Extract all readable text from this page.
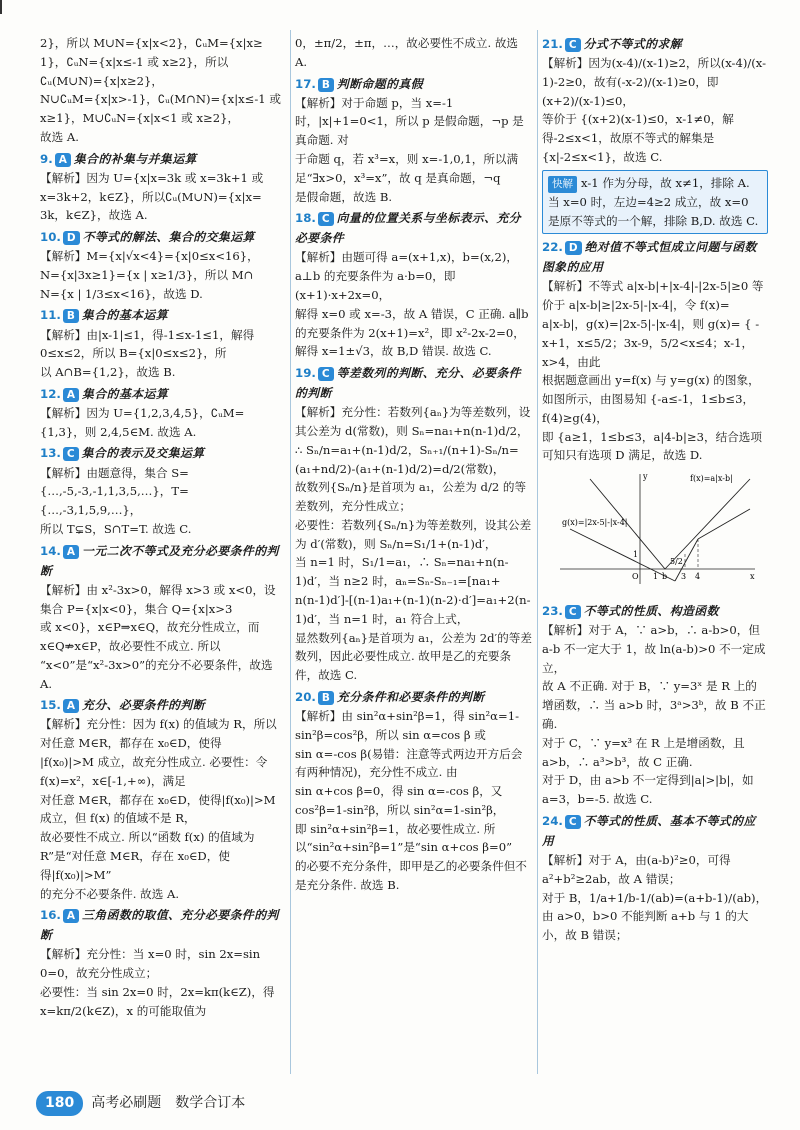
2}，所以 M∪N={x|x<2}，∁ᵤM={x|x≥

1}，∁ᵤN={x|x≤-1 或 x≥2}，所以∁ᵤ(M∪N)={x|x≥2}，

N∪∁ᵤM={x|x>-1}，∁ᵤ(M∩N)={x|x≤-1 或 x≥1}，M∪∁ᵤN={x|x<1 或 x≥2}，

故选 A.

9. A 集合的补集与并集运算

【解析】因为 U={x|x=3k 或 x=3k+1 或 x=3k+2，k∈Z}，所以∁ᵤ(M∪N)={x|x=

3k，k∈Z}，故选 A.

10. D 不等式的解法、集合的交集运算

【解析】M={x|√x<4}={x|0≤x<16}，

N={x|3x≥1}={x | x≥1/3}，所以 M∩

N={x | 1/3≤x<16}，故选 D.

11. B 集合的基本运算

【解析】由|x-1|≤1，得-1≤x-1≤1，解得 0≤x≤2，所以 B={x|0≤x≤2}，所

以 A∩B={1,2}，故选 B.

12. A 集合的基本运算

【解析】因为 U={1,2,3,4,5}，∁ᵤM={1,3}，则 2,4,5∈M. 故选 A.

13. C 集合的表示及交集运算

【解析】由题意得，集合 S={…,-5,-3,-1,1,3,5,…}，T={…,-3,1,5,9,…}，

所以 T⊊S，S∩T=T. 故选 C.

14. A 一元二次不等式及充分必要条件的判断

【解析】由 x²-3x>0，解得 x>3 或 x<0，设集合 P={x|x<0}，集合 Q={x|x>3

或 x<0}，x∈P⇒x∈Q，故充分性成立，而 x∈Q⇏x∈P，故必要性不成立. 所以

“x<0”是“x²-3x>0”的充分不必要条件，故选 A.

15. A 充分、必要条件的判断

【解析】充分性：因为 f(x) 的值域为 R，所以对任意 M∈R，都存在 x₀∈D，使得

|f(x₀)|>M 成立，故充分性成立. 必要性：令 f(x)=x²，x∈[-1,+∞)，满足

对任意 M∈R，都存在 x₀∈D，使得|f(x₀)|>M 成立，但 f(x) 的值域不是 R，

故必要性不成立. 所以“函数 f(x) 的值域为 R”是“对任意 M∈R，存在 x₀∈D，使得|f(x₀)|>M”

的充分不必要条件. 故选 A.

16. A 三角函数的取值、充分必要条件的判断

【解析】充分性：当 x=0 时，sin 2x=sin 0=0，故充分性成立；

必要性：当 sin 2x=0 时，2x=kπ(k∈Z)，得 x=kπ/2(k∈Z)，x 的可能取值为

0，±π/2，±π，…，故必要性不成立. 故选 A.

17. B 判断命题的真假

【解析】对于命题 p，当 x=-1 时，|x|+1=0<1，所以 p 是假命题，¬p 是真命题. 对

于命题 q，若 x³=x，则 x=-1,0,1，所以满足“∃x>0，x³=x”，故 q 是真命题，¬q

是假命题，故选 B.

18. C 向量的位置关系与坐标表示、充分必要条件

【解析】由题可得 a=(x+1,x)，b=(x,2)，a⊥b 的充要条件为 a·b=0，即(x+1)·x+2x=0，

解得 x=0 或 x=-3，故 A 错误，C 正确. a∥b 的充要条件为 2(x+1)=x²，即 x²-2x-2=0，

解得 x=1±√3，故 B,D 错误. 故选 C.

19. C 等差数列的判断、充分、必要条件的判断

【解析】充分性：若数列{aₙ}为等差数列，设其公差为 d(常数)，则 Sₙ=na₁+n(n-1)d/2，

∴ Sₙ/n=a₁+(n-1)d/2，Sₙ₊₁/(n+1)-Sₙ/n=(a₁+nd/2)-(a₁+(n-1)d/2)=d/2(常数)，

故数列{Sₙ/n}是首项为 a₁，公差为 d/2 的等差数列，充分性成立；

必要性：若数列{Sₙ/n}为等差数列，设其公差为 d′(常数)，则 Sₙ/n=S₁/1+(n-1)d′，

当 n=1 时，S₁/1=a₁，∴ Sₙ=na₁+n(n-1)d′，当 n≥2 时，aₙ=Sₙ-Sₙ₋₁=[na₁+

n(n-1)d′]-[(n-1)a₁+(n-1)(n-2)·d′]=a₁+2(n-1)d′，当 n=1 时，a₁ 符合上式，

显然数列{aₙ}是首项为 a₁，公差为 2d′的等差数列，因此必要性成立. 故甲是乙的充要条件，故选 C.

20. B 充分条件和必要条件的判断

【解析】由 sin²α+sin²β=1，得 sin²α=1-sin²β=cos²β，所以 sin α=cos β 或

sin α=-cos β(易错：注意等式两边开方后会有两种情况)，充分性不成立. 由

sin α+cos β=0，得 sin α=-cos β，又 cos²β=1-sin²β，所以 sin²α=1-sin²β，

即 sin²α+sin²β=1，故必要性成立. 所以“sin²α+sin²β=1”是“sin α+cos β=0”

的必要不充分条件，即甲是乙的必要条件但不是充分条件. 故选 B.

21. C 分式不等式的求解

【解析】因为(x-4)/(x-1)≥2，所以(x-4)/(x-1)-2≥0，故有(-x-2)/(x-1)≥0，即(x+2)/(x-1)≤0，

等价于 {(x+2)(x-1)≤0，x-1≠0，解得-2≤x<1，故原不等式的解集是{x|-2≤x<1}，故选 C.

快解 x-1 作为分母，故 x≠1，排除 A. 当 x=0 时，左边=4≥2 成立，故 x=0 是原不等式的一个解，排除 B,D. 故选 C.
22. D 绝对值不等式恒成立问题与函数图象的应用

【解析】不等式 a|x-b|+|x-4|-|2x-5|≥0 等价于 a|x-b|≥|2x-5|-|x-4|，令 f(x)=

a|x-b|，g(x)=|2x-5|-|x-4|，则 g(x)= { -x+1，x≤5/2；3x-9，5/2<x≤4；x-1，x>4，由此

根据题意画出 y=f(x) 与 y=g(x) 的图象，如图所示，由图易知 {-a≤-1，1≤b≤3，f(4)≥g(4)，

即 {a≥1，1≤b≤3，a|4-b|≥3，结合选项可知只有选项 D 满足，故选 D.

f(x)=a|x-b|
g(x)=|2x-5|-|x-4|
O 1 b
5/2
3 4
1
x
y
23. C 不等式的性质、构造函数

【解析】对于 A，∵ a>b，∴ a-b>0，但 a-b 不一定大于 1，故 ln(a-b)>0 不一定成立，

故 A 不正确. 对于 B，∵ y=3ˣ 是 R 上的增函数，∴ 当 a>b 时，3ᵃ>3ᵇ，故 B 不正确.

对于 C，∵ y=x³ 在 R 上是增函数，且 a>b，∴ a³>b³，故 C 正确.

对于 D，由 a>b 不一定得到|a|>|b|，如 a=3，b=-5. 故选 C.

24. C 不等式的性质、基本不等式的应用

【解析】对于 A，由(a-b)²≥0，可得 a²+b²≥2ab，故 A 错误；

对于 B，1/a+1/b-1/(ab)=(a+b-1)/(ab)，由 a>0，b>0 不能判断 a+b 与 1 的大小，故 B 错误；

180	高考必刷题　数学合订本
